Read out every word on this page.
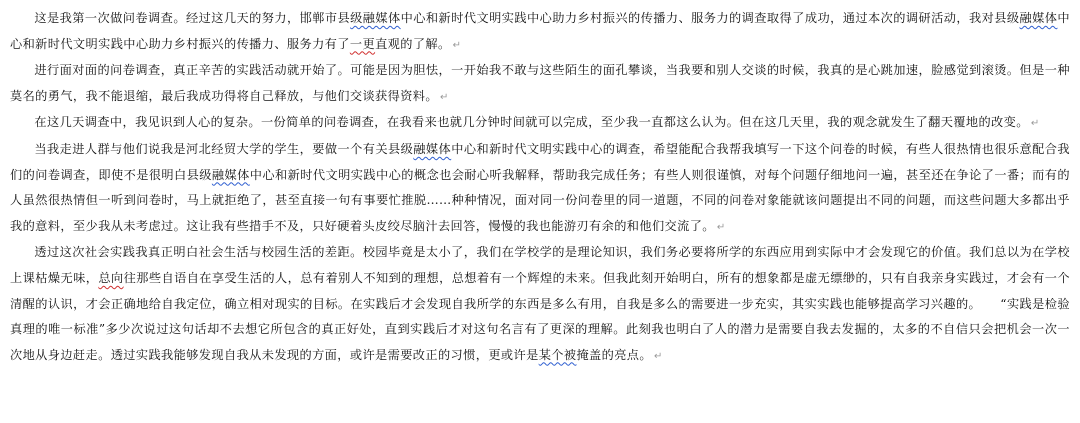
这是我第一次做问卷调查。经过这几天的努力，邯郸市县级融媒体中心和新时代文明实践中心助力乡村振兴的传播力、服务力的调查取得了成功，通过本次的调研活动，我对县级融媒体中心和新时代文明实践中心助力乡村振兴的传播力、服务力有了一更直观的了解。 ↵

进行面对面的问卷调查，真正辛苦的实践活动就开始了。可能是因为胆怯，一开始我不敢与这些陌生的面孔攀谈，当我要和别人交谈的时候，我真的是心跳加速，脸感觉到滚烫。但是一种莫名的勇气，我不能退缩，最后我成功得将自己释放，与他们交谈获得资料。 ↵

在这几天调查中，我见识到人心的复杂。一份简单的问卷调查，在我看来也就几分钟时间就可以完成，至少我一直都这么认为。但在这几天里，我的观念就发生了翻天覆地的改变。 ↵

当我走进人群与他们说我是河北经贸大学的学生，要做一个有关县级融媒体中心和新时代文明实践中心的调查，希望能配合我帮我填写一下这个问卷的时候，有些人很热情也很乐意配合我们的问卷调查，即使不是很明白县级融媒体中心和新时代文明实践中心的概念也会耐心听我解释，帮助我完成任务；有些人则很谨慎，对每个问题仔细地问一遍，甚至还在争论了一番；而有的人虽然很热情但一听到问卷时，马上就拒绝了，甚至直接一句有事要忙推脱……种种情况，面对同一份问卷里的同一道题，不同的问卷对象能就该问题提出不同的问题，而这些问题大多都出乎我的意料，至少我从未考虑过。这让我有些措手不及，只好硬着头皮绞尽脑汁去回答，慢慢的我也能游刃有余的和他们交流了。 ↵

透过这次社会实践我真正明白社会生活与校园生活的差距。校园毕竟是太小了，我们在学校学的是理论知识，我们务必要将所学的东西应用到实际中才会发现它的价值。我们总以为在学校上课枯燥无味，总向往那些自语自在享受生活的人，总有着别人不知到的理想，总想着有一个辉煌的未来。但我此刻开始明白，所有的想象都是虚无缥缈的，只有自我亲身实践过，才会有一个清醒的认识，才会正确地给自我定位，确立相对现实的目标。在实践后才会发现自我所学的东西是多么有用，自我是多么的需要进一步充实，其实实践也能够提高学习兴趣的。　　“实践是检验真理的唯一标准”多少次说过这句话却不去想它所包含的真正好处，直到实践后才对这句名言有了更深的理解。此刻我也明白了人的潜力是需要自我去发掘的，太多的不自信只会把机会一次一次地从身边赶走。透过实践我能够发现自我从未发现的方面，或许是需要改正的习惯，更或许是某个被掩盖的亮点。 ↵
